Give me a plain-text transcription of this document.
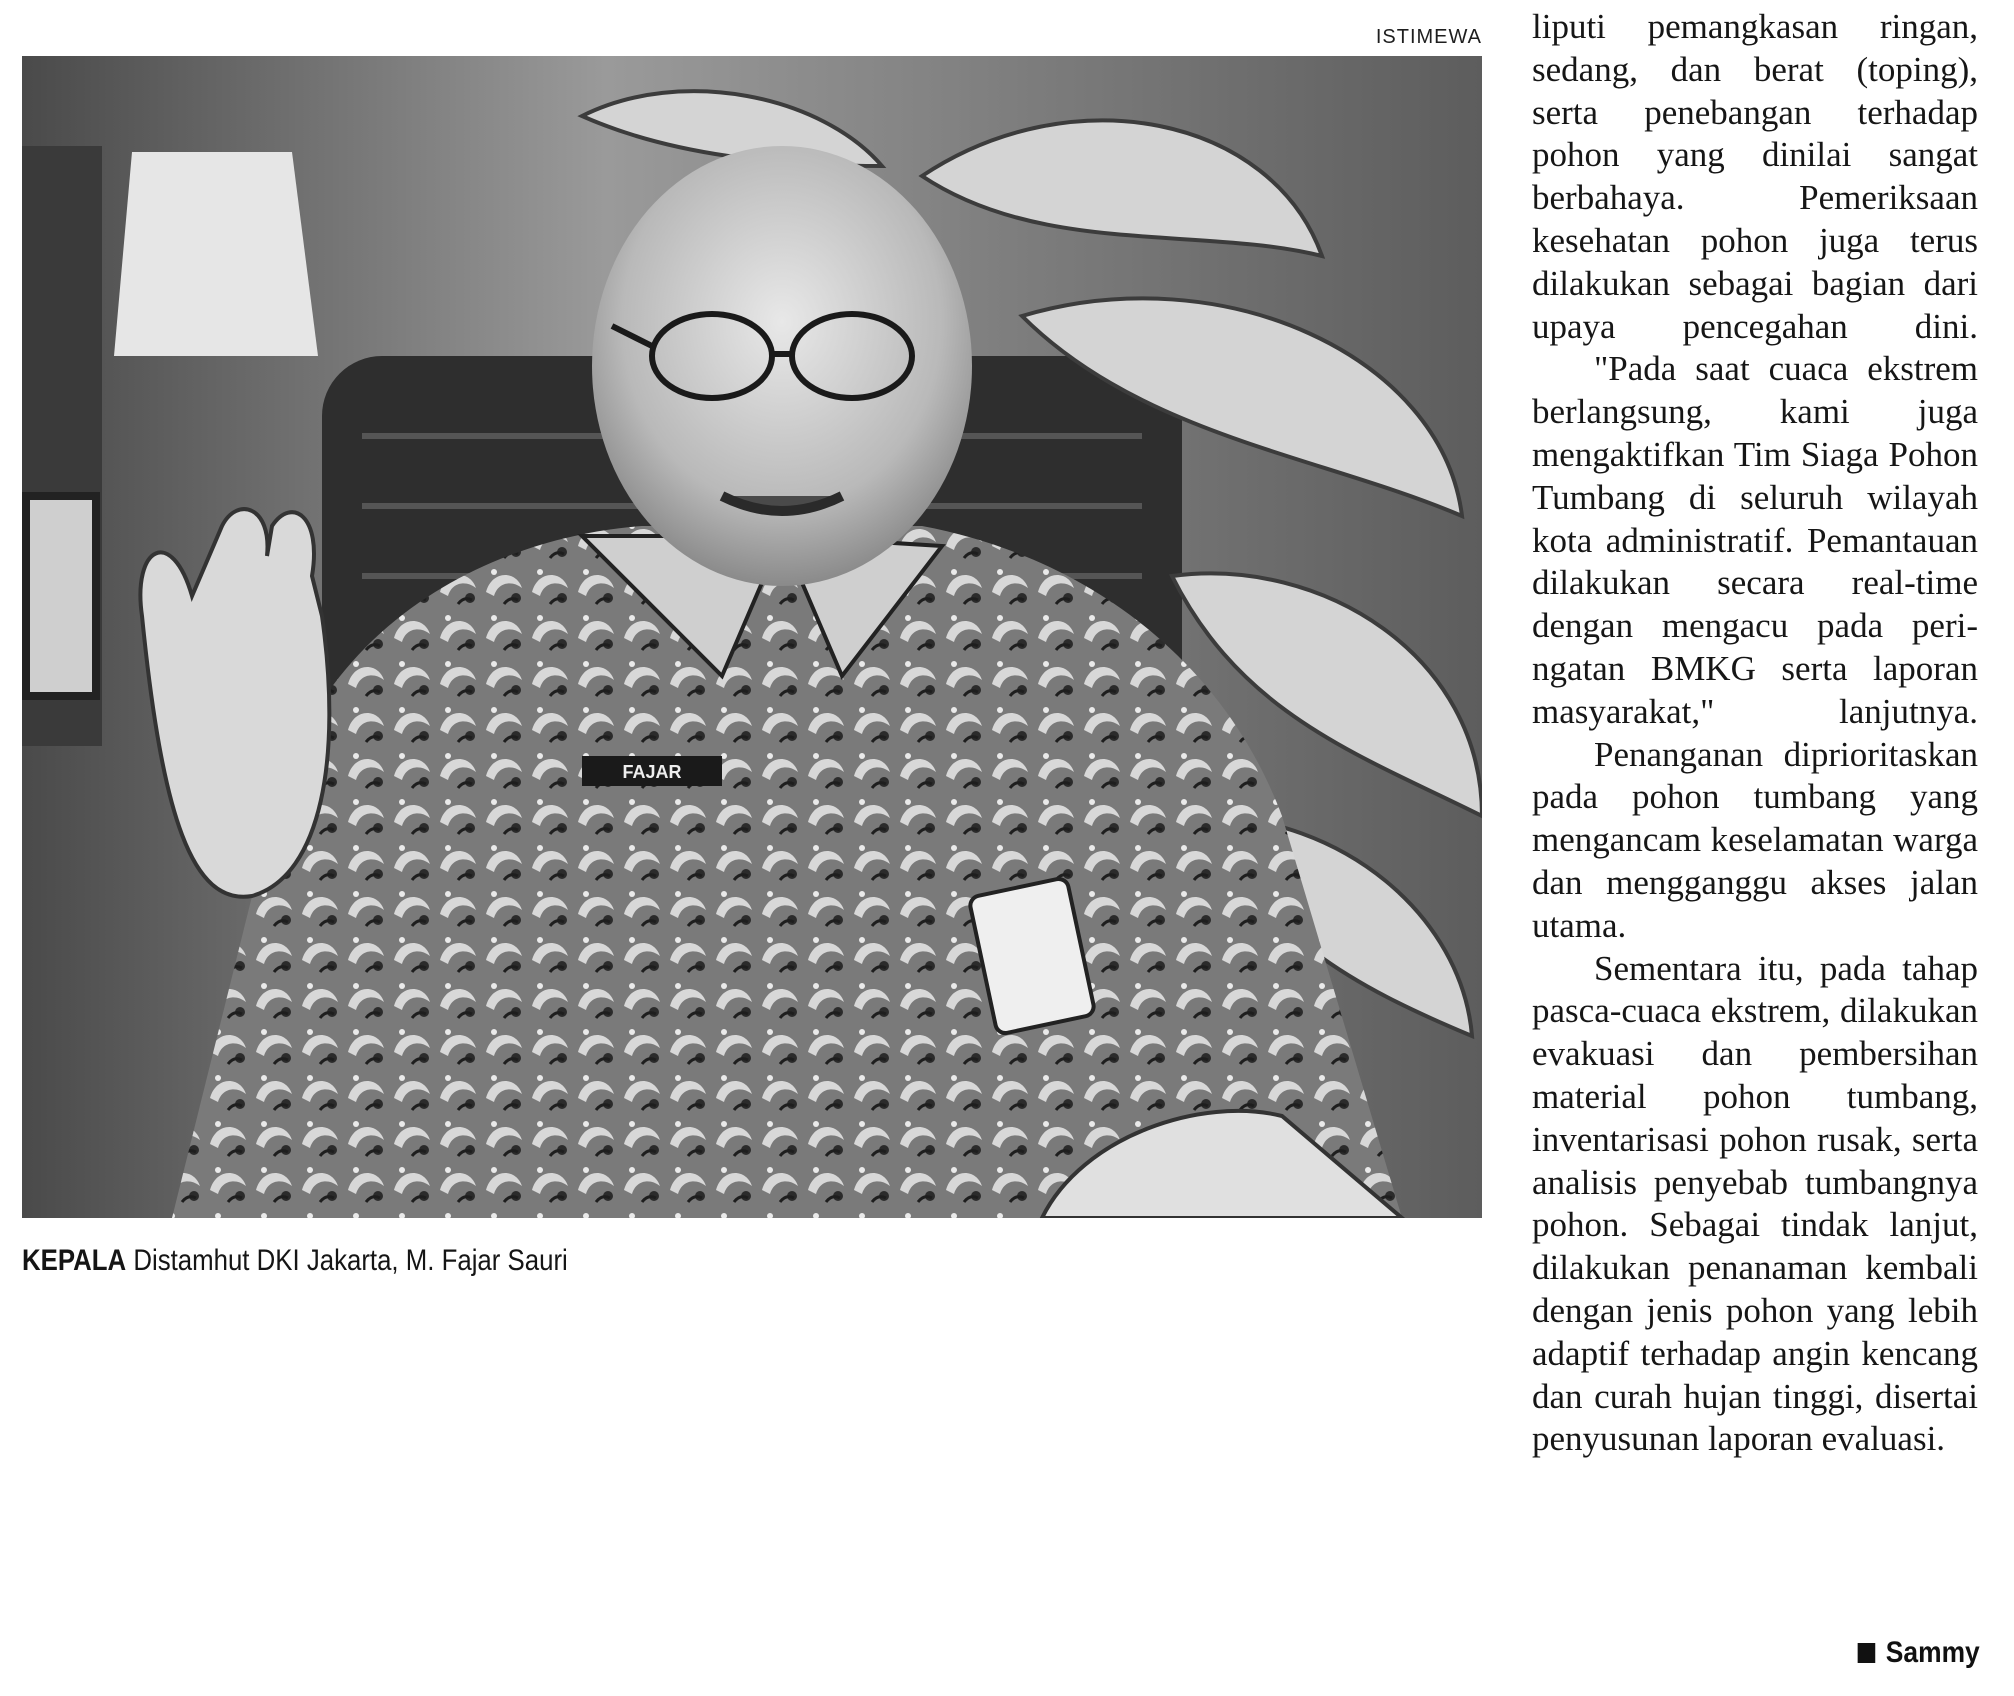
ISTIMEWA
FAJAR
KEPALA Distamhut DKI Jakarta, M. Fajar Sauri

liputi pemangkasan ringan, sedang, dan berat (toping), serta penebangan terhadap pohon yang dinilai sangat berbahaya. Pemeriksaan kesehatan pohon juga terus dilakukan sebagai bagian dari upaya pencegahan dini.

"Pada saat cuaca ekstrem berlangsung, kami juga mengaktifkan Tim Siaga Pohon Tumbang di seluruh wilayah kota administratif. Pemantauan dilakukan secara real-time dengan mengacu pada peringatan BMKG serta laporan masyarakat," lanjutnya.

Penanganan diprioritaskan pada pohon tumbang yang mengancam keselamatan warga dan mengganggu akses jalan utama.

Sementara itu, pada tahap pasca-cuaca ekstrem, dilakukan evakuasi dan pembersihan material pohon tumbang, inventarisasi pohon rusak, serta analisis penyebab tumbangnya pohon. Sebagai tindak lanjut, dilakukan penanaman kembali dengan jenis pohon yang lebih adaptif terhadap angin kencang dan curah hujan tinggi, disertai penyusunan laporan evaluasi.

Sammy
